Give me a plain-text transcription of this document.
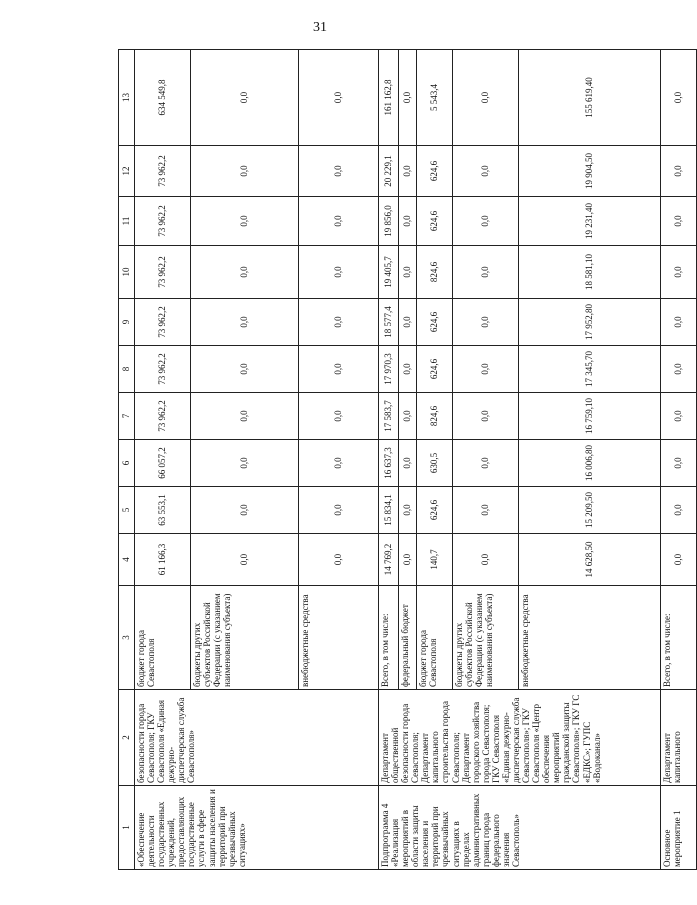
31
1	2	3	4	5	6	7	8	9	10	11	12	13
«Обеспечение деятельности государственных учреждений, предоставляющих государственные услуги в сфере защиты населения и территорий при чрезвычайных ситуациях»	безопасности города Севастополя; ГКУ Севастополя «Единая дежурно-диспетчерская служба Севастополя»	бюджет города Севастополя	61 166,3	63 553,1	66 057,2	73 962,2	73 962,2	73 962,2	73 962,2	73 962,2	73 962,2	634 549,8
		бюджеты других субъектов Российской Федерации (с указанием наименования субъекта)	0,0	0,0	0,0	0,0	0,0	0,0	0,0	0,0	0,0	0,0
		внебюджетные средства	0,0	0,0	0,0	0,0	0,0	0,0	0,0	0,0	0,0	0,0
Подпрограмма 4 «Реализация мероприятий в области защиты населения и территорий при чрезвычайных ситуациях в пределах административных границ города федерального значения Севастополь»	Департамент общественной безопасности города Севастополя; Департамент капитального строительства города Севастополя; Департамент городского хозяйства города Севастополя; ГКУ Севастополя «Единая дежурно-диспетчерская служба Севастополя»; ГКУ Севастополя «Центр обеспечения мероприятий гражданской защиты Севастополя»; ГКУ ГС «ЕДКС»; ГУПС «Водоканал»	Всего, в том числе:	14 769,2	15 834,1	16 637,3	17 583,7	17 970,3	18 577,4	19 405,7	19 856,0	20 229,1	161 162,8
		федеральный бюджет	0,0	0,0	0,0	0,0	0,0	0,0	0,0	0,0	0,0	0,0
		бюджет города Севастополя	140,7	624,6	630,5	824,6	624,6	624,6	824,6	624,6	624,6	5 543,4
		бюджеты других субъектов Российской Федерации (с указанием наименования субъекта)	0,0	0,0	0,0	0,0	0,0	0,0	0,0	0,0	0,0	0,0
		внебюджетные средства	14 628,50	15 209,50	16 006,80	16 759,10	17 345,70	17 952,80	18 581,10	19 231,40	19 904,50	155 619,40
Основное мероприятие 1	Департамент капитального	Всего, в том числе:	0,0	0,0	0,0	0,0	0,0	0,0	0,0	0,0	0,0	0,0
